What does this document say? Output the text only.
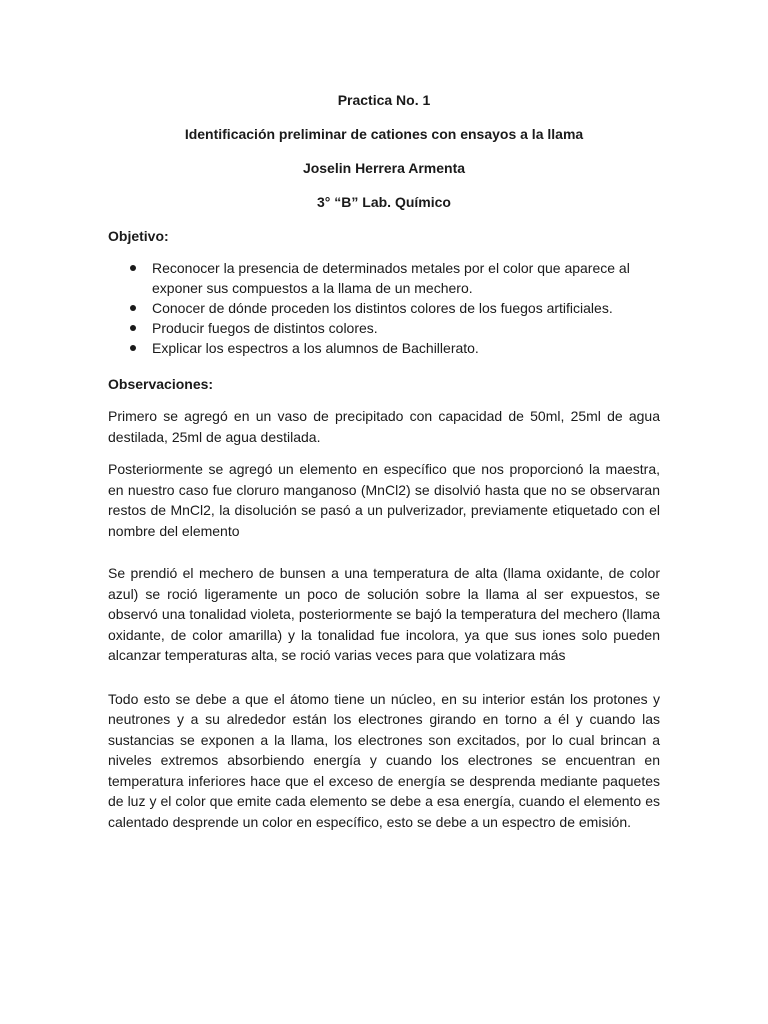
Practica No. 1

Identificación preliminar de cationes con ensayos a la llama

Joselin Herrera Armenta

3° “B” Lab. Químico

Objetivo:

Reconocer la presencia de determinados metales por el color que aparece al exponer sus compuestos a la llama de un mechero.
Conocer de dónde proceden los distintos colores de los fuegos artificiales.
Producir fuegos de distintos colores.
Explicar los espectros a los alumnos de Bachillerato.

Observaciones:

Primero se agregó en un vaso de precipitado con capacidad de 50ml, 25ml de agua destilada, 25ml de agua destilada.

Posteriormente se agregó un elemento en específico que nos proporcionó la maestra, en nuestro caso fue cloruro manganoso (MnCl2) se disolvió hasta que no se observaran restos de MnCl2, la disolución se pasó a un pulverizador, previamente etiquetado con el nombre del elemento

Se prendió el mechero de bunsen a una temperatura de alta (llama oxidante, de color azul) se roció ligeramente un poco de solución sobre la llama al ser expuestos, se observó una tonalidad violeta, posteriormente se bajó la temperatura del mechero (llama oxidante, de color amarilla) y la tonalidad fue incolora, ya que sus iones solo pueden alcanzar temperaturas alta, se roció varias veces para que volatizara más

Todo esto se debe a que el átomo tiene un núcleo, en su interior están los protones y neutrones y a su alrededor están los electrones girando en torno a él y cuando las sustancias se exponen a la llama, los electrones son excitados, por lo cual brincan a niveles extremos absorbiendo energía y cuando los electrones se encuentran en temperatura inferiores hace que el exceso de energía se desprenda mediante paquetes de luz y el color que emite cada elemento se debe a esa energía, cuando el elemento es calentado desprende un color en específico, esto se debe a un espectro de emisión.
